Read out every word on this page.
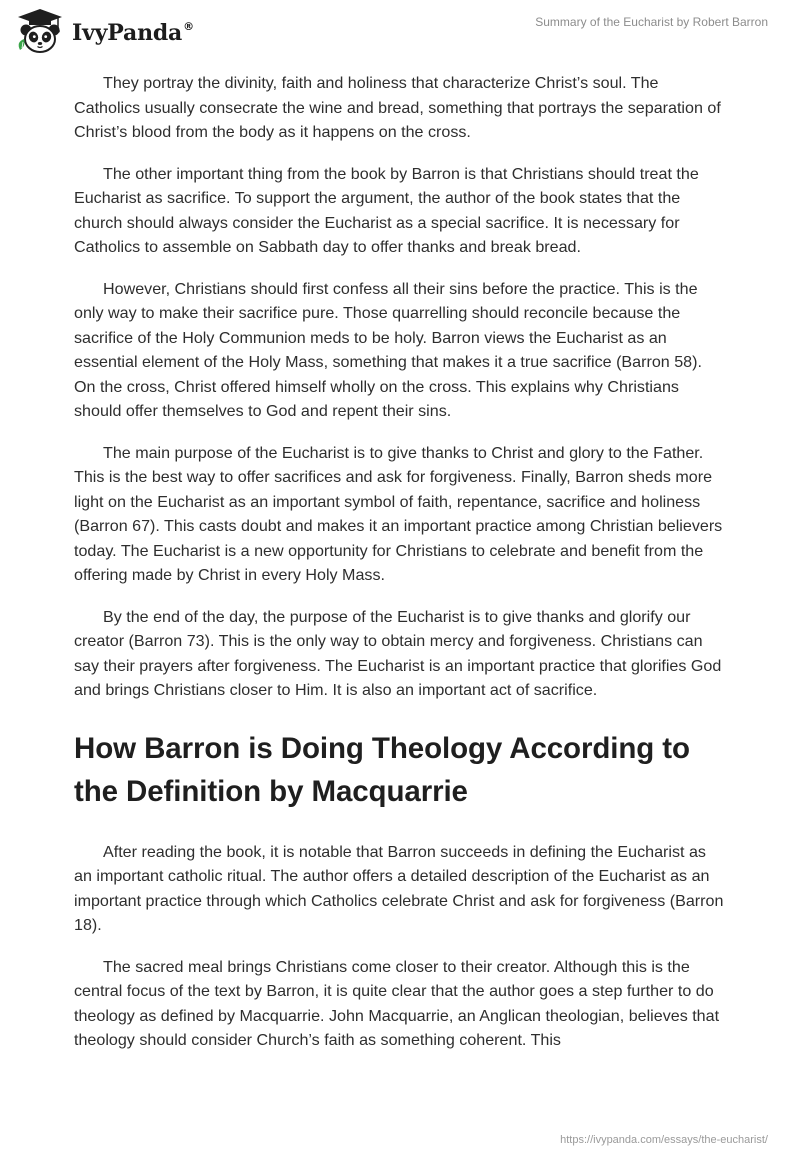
IvyPanda®	Summary of the Eucharist by Robert Barron

They portray the divinity, faith and holiness that characterize Christ’s soul. The Catholics usually consecrate the wine and bread, something that portrays the separation of Christ’s blood from the body as it happens on the cross.

The other important thing from the book by Barron is that Christians should treat the Eucharist as sacrifice. To support the argument, the author of the book states that the church should always consider the Eucharist as a special sacrifice. It is necessary for Catholics to assemble on Sabbath day to offer thanks and break bread.

However, Christians should first confess all their sins before the practice. This is the only way to make their sacrifice pure. Those quarrelling should reconcile because the sacrifice of the Holy Communion meds to be holy. Barron views the Eucharist as an essential element of the Holy Mass, something that makes it a true sacrifice (Barron 58). On the cross, Christ offered himself wholly on the cross. This explains why Christians should offer themselves to God and repent their sins.

The main purpose of the Eucharist is to give thanks to Christ and glory to the Father. This is the best way to offer sacrifices and ask for forgiveness. Finally, Barron sheds more light on the Eucharist as an important symbol of faith, repentance, sacrifice and holiness (Barron 67). This casts doubt and makes it an important practice among Christian believers today. The Eucharist is a new opportunity for Christians to celebrate and benefit from the offering made by Christ in every Holy Mass.

By the end of the day, the purpose of the Eucharist is to give thanks and glorify our creator (Barron 73). This is the only way to obtain mercy and forgiveness. Christians can say their prayers after forgiveness. The Eucharist is an important practice that glorifies God and brings Christians closer to Him. It is also an important act of sacrifice.

How Barron is Doing Theology According to the Definition by Macquarrie

After reading the book, it is notable that Barron succeeds in defining the Eucharist as an important catholic ritual. The author offers a detailed description of the Eucharist as an important practice through which Catholics celebrate Christ and ask for forgiveness (Barron 18).

The sacred meal brings Christians come closer to their creator. Although this is the central focus of the text by Barron, it is quite clear that the author goes a step further to do theology as defined by Macquarrie. John Macquarrie, an Anglican theologian, believes that theology should consider Church’s faith as something coherent. This

https://ivypanda.com/essays/the-eucharist/
